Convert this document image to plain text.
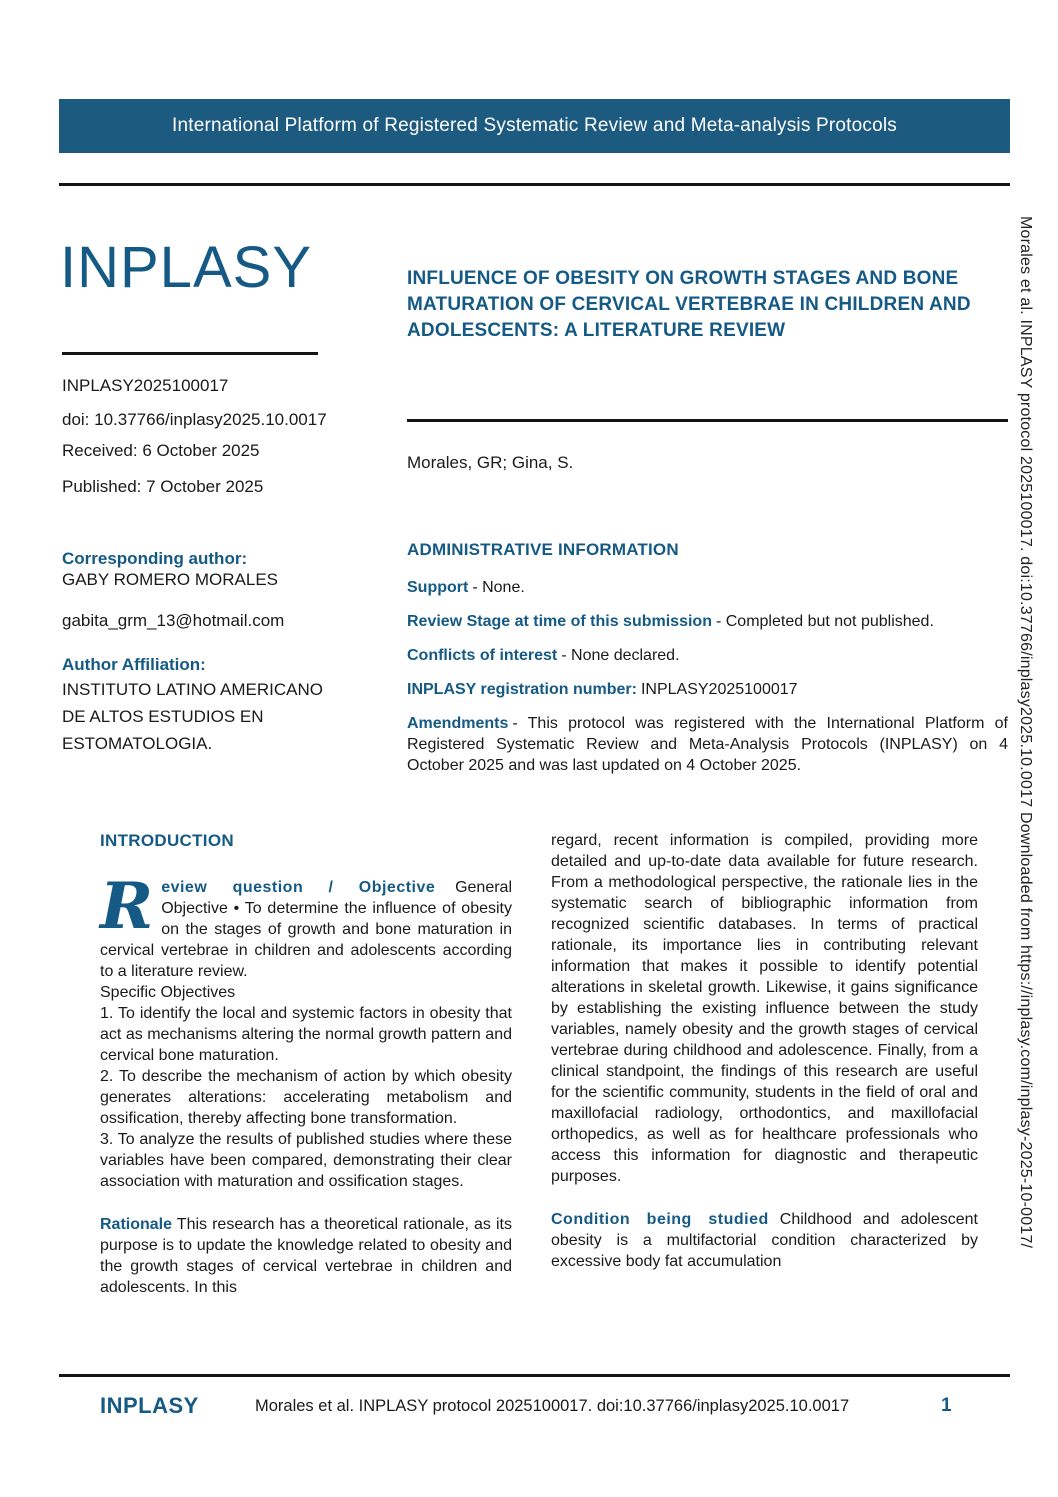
International Platform of Registered Systematic Review and Meta-analysis Protocols
INPLASY
INPLASY2025100017
doi: 10.37766/inplasy2025.10.0017
Received: 6 October 2025
Published: 7 October 2025
Corresponding author:
GABY ROMERO MORALES
gabita_grm_13@hotmail.com
Author Affiliation:
INSTITUTO LATINO AMERICANO DE ALTOS ESTUDIOS EN ESTOMATOLOGIA.
INFLUENCE OF OBESITY ON GROWTH STAGES AND BONE MATURATION OF CERVICAL VERTEBRAE IN CHILDREN AND ADOLESCENTS: A LITERATURE REVIEW
Morales, GR; Gina, S.
ADMINISTRATIVE INFORMATION

Support - None.

Review Stage at time of this submission - Completed but not published.

Conflicts of interest - None declared.

INPLASY registration number: INPLASY2025100017

Amendments - This protocol was registered with the International Platform of Registered Systematic Review and Meta-Analysis Protocols (INPLASY) on 4 October 2025 and was last updated on 4 October 2025.

INTRODUCTION

Review question / Objective General Objective • To determine the influence of obesity on the stages of growth and bone maturation in cervical vertebrae in children and adolescents according to a literature review.

Specific Objectives

1. To identify the local and systemic factors in obesity that act as mechanisms altering the normal growth pattern and cervical bone maturation.

2. To describe the mechanism of action by which obesity generates alterations: accelerating metabolism and ossification, thereby affecting bone transformation.

3. To analyze the results of published studies where these variables have been compared, demonstrating their clear association with maturation and ossification stages.

Rationale This research has a theoretical rationale, as its purpose is to update the knowledge related to obesity and the growth stages of cervical vertebrae in children and adolescents. In this

regard, recent information is compiled, providing more detailed and up-to-date data available for future research. From a methodological perspective, the rationale lies in the systematic search of bibliographic information from recognized scientific databases. In terms of practical rationale, its importance lies in contributing relevant information that makes it possible to identify potential alterations in skeletal growth. Likewise, it gains significance by establishing the existing influence between the study variables, namely obesity and the growth stages of cervical vertebrae during childhood and adolescence. Finally, from a clinical standpoint, the findings of this research are useful for the scientific community, students in the field of oral and maxillofacial radiology, orthodontics, and maxillofacial orthopedics, as well as for healthcare professionals who access this information for diagnostic and therapeutic purposes.

Condition being studied Childhood and adolescent obesity is a multifactorial condition characterized by excessive body fat accumulation

INPLASY	Morales et al. INPLASY protocol 2025100017. doi:10.37766/inplasy2025.10.0017	1
Morales et al. INPLASY protocol 2025100017. doi:10.37766/inplasy2025.10.0017 Downloaded from https://inplasy.com/inplasy-2025-10-0017/
